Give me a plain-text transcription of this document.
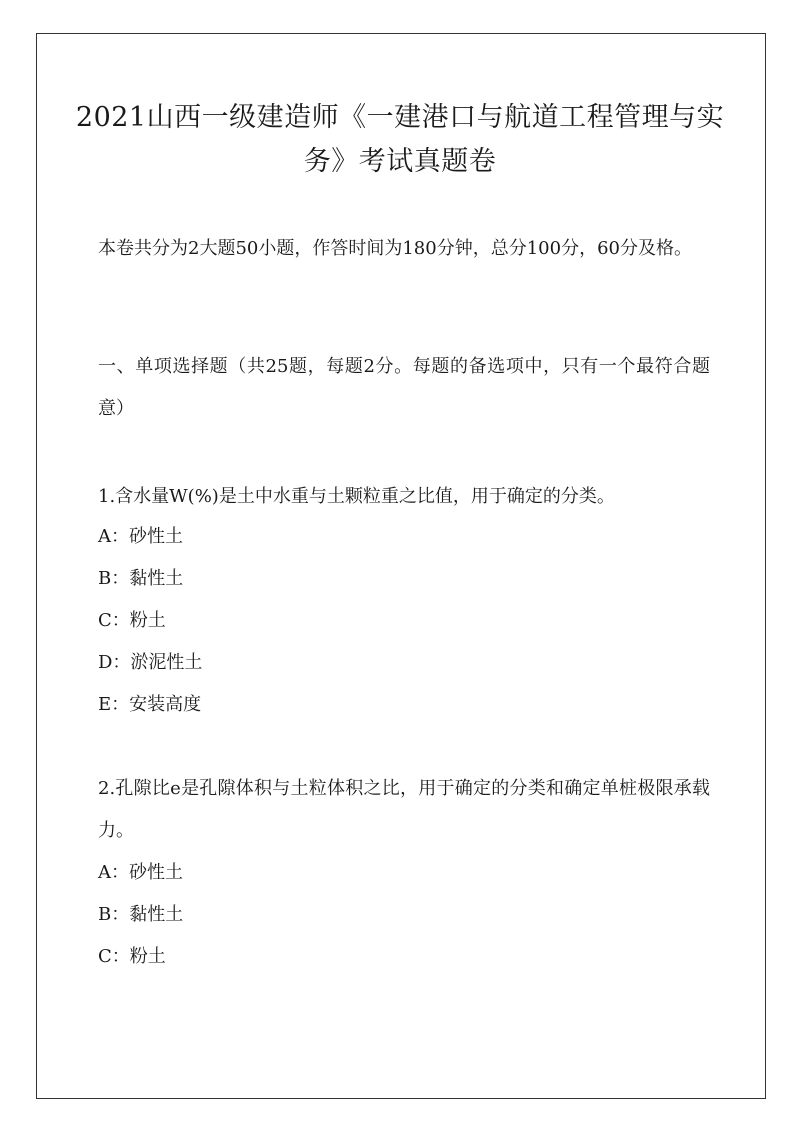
2021山西一级建造师《一建港口与航道工程管理与实务》考试真题卷

本卷共分为2大题50小题，作答时间为180分钟，总分100分，60分及格。

一、单项选择题（共25题，每题2分。每题的备选项中，只有一个最符合题意）

1.含水量W(%)是土中水重与土颗粒重之比值，用于确定的分类。

A：砂性土

B：黏性土

C：粉土

D：淤泥性土

E：安装高度

2.孔隙比e是孔隙体积与土粒体积之比，用于确定的分类和确定单桩极限承载力。

A：砂性土

B：黏性土

C：粉土
